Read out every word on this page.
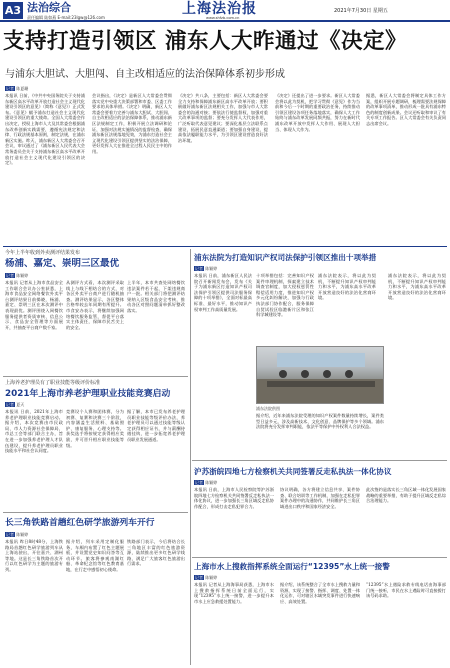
A3 法治综合
责任编辑 陆如燕 E-mail:23lgw@126.com
上海法治报
www.shfzb.com.cn
2021年7月30日 星期五
支持打造引领区 浦东人大昨通过《决定》
与浦东大胆试、大胆闯、自主改相适应的法治保障体系初步形成
记者 陈夏珊
本报讯 日前，《中共中央国务院关于支持浦东新区高水平改革开放打造社会主义现代化建设引领区的意见》（简称《意见》）正式发布。《意见》赋予浦东打造社会主义现代化建设引领区的重大使命。全国人大常委会作出决定，授权上海市人大及其常委会根据浦东改革创新实践需要，遵循宪法规定和法律、行政法规基本原则，制定法规，在浦东新区实施。昨天，浦东新区人大常委会召开会议，审议通过了《浦东新区人民代表大会常务委员会关于支持浦东新区高水平改革开放打造社会主义现代化建设引领区的决定》。
会议指出，《决定》是新区人大常委会贯彻落实党中央重大决策部署和市委、区委工作要求的具体举措。《决定》明确，新区人大常委会要着力完善与浦东大胆试、大胆闯、自主改相适应的法治保障体系，推动浦东新区法规制定工作，积极开展立法调研和论证，加强对法规实施情况的监督检查，确保浦东新区法规落地见效，为浦东打造社会主义现代化建设引领区提供坚实的法治保障，更好发挥人大在推进全过程人民民主中的作用。
《决定》共八条，主要包括：新区人大常委会要全力支持和保障浦东新区高水平改革开放；要积极做好浦东新区法规相关工作，加强与市人大常委会的沟通对接；要依法行使监督权，加强对重大改革事项的监督；要充分发挥人大代表作用，广泛听取代表意见建议；要深化基层立法联系点建设，拓展民意直通渠道；要加强自身建设，提高依法履职能力水平，为引领区建设营造良好法治环境。
《决定》还提出了进一步要求。新区人大常委会将以此为契机，把学习贯彻《意见》作为当前和今后一个时期的重要政治任务，持续推动引领区建设各项任务落地落实，确保人大工作始终与浦东改革发展同频共振，努力在新时代浦东改革开放中发挥人大作用、展现人大担当、体现人大作为。
据悉，新区人大常委会将制定具体工作方案，组织开展专题调研，梳理需要法规保障的改革事项清单，推动形成一批具有浦东特色的制度创新成果。会议还听取和审议了有关专项工作报告。区人大常委会有关负责同志出席会议。
今年上半年收到外卖测评结果发布
杨浦、嘉定、崇明三区最优
记者 陈颖婷
本报讯 记者从上海市食品安全工作联合会议办公室获悉，上海市食品安全网络餐饮外卖平台测评结果日前揭晓，杨浦、嘉定、崇明三区在本次测评中表现最优。测评围绕入网餐饮服务提供者资质审核、信息公示、食品安全管理等方面展开，共抽查平台商户数千家。
从测评方式看，本次测评采取线上与线下相结合的方式，对各区外卖平台商户进行随机抽查。测评结果显示，各区整体合格率较去年同期有所提升。市食安办表示，将继续加强网络餐饮服务监管，督促平台落实主体责任，保障市民舌尖上的安全。
上半年，本市共查处网络餐饮违法案件若干起，下架违规商户一批。相关部门将把测评结果纳入区级食品安全考核，推动各区对照问题清单抓好整改落实。
上海养老护理员有了职业技能等级评价标准
2021年上海市养老护理职业技能竞赛启动
记者 夏天
本报讯 日前，2021年上海市养老护理职业技能竞赛启动。据介绍，本次竞赛由市民政局、市人力资源社会保障局、市总工会等部门联合主办，旨在进一步加强养老护理人才队伍建设，提升养老护理员职业技能水平和社会认同度。
竞赛设个人赛和团体赛，分为初赛、复赛和决赛三个阶段，内容涵盖生活照料、基础照护、康复服务、心理支持等。获奖选手将按规定获得相应奖励，并可晋升相应职业技能等级。
据了解，本市已发布养老护理员职业技能等级评价办法，养老护理员可以通过技能等级认定获得相应证书，并与薪酬待遇挂钩，进一步拓宽养老护理员职业发展通道。
长三角铁路首趟红色研学旅游列车开行
记者 陈颖婷
本报讯 昨日8时48分，上海铁路局首趟红色研学旅游列车从上海站驶出，开往嘉兴、湖州等地。这是长三角铁路首次开行以红色研学为主题的旅游专列。
据介绍，列车采用定制化服务，车厢内布置了红色主题展板，并设置党史知识问答等互动环节。旅客将参观南湖红船、革命纪念馆等红色教育基地，在行走中感悟初心使命。
铁路部门表示，今后将结合长三角地区丰富的红色旅游资源，陆续推出更多红色研学线路，满足广大旅客红色旅游出行需求。
浦东法院为打造知识产权司法保护引领区推出十项举措
记者 陈颖婷
本报讯 日前，浦东新区人民法院召开新闻发布会，发布《关于为浦东新区打造知识产权司法保护引领区提供司法服务保障的十项举措》，全面对标最高标准、最好水平，推动知识产权审判工作高质量发展。
十项举措包括：完善知识产权案件审理机制，探索建立技术调查官制度，加大侵权惩罚性赔偿适用力度，推进知识产权多元化纠纷解决，加强与行政执法部门协作配合，服务保障自贸试验区临港新片区和张江科学城建设等。
浦东法院表示，将以此为契机，不断提升知识产权审判能力和水平，为浦东高水平改革开放营造良好的法治化营商环境。
浦东法院供图
据介绍，近年来浦东法院受理的知识产权案件数量持续增长，案件类型日益多元，涉及高新技术、文化创意、品牌保护等多个领域。浦东法院将充分发挥审判职能，依法平等保护中外权利人合法权益。
浦东法院表示，将以此为契机，不断提升知识产权审判能力和水平，为浦东高水平改革开放营造良好的法治化营商环境。
沪苏浙皖四地七方检察机关共同签署反走私执法一体化协议
记者 陈颖婷
本报讯 日前，上海市人民检察院等沪苏浙皖四地七方检察机关共同签署反走私执法一体化协议，进一步加强长三角区域反走私协作配合，形成打击走私犯罪合力。
协议明确，各方将建立信息共享、案件协查、联合培训等工作机制，加强在走私犯罪案件办理中的沟通协作，共同维护长三角区域进出口秩序和国家经济安全。
此次签约是落实长三角区域一体化发展国家战略的重要举措，有助于提升区域反走私综合治理能力。
上海市水上搜救指挥系统全面运行“12395”水上统一接警
记者 陈颖婷
本报讯 记者从上海海事局获悉，上海市水上搜救指挥系统日前全面运行，实现“12395”水上统一接警，进一步提升本市水上应急救援处置能力。
据介绍，该系统整合了全市水上搜救力量和资源，实现了接警、指挥、调度、处置一体化运作，可对辖区水域突发事件进行快速响应、高效处置。
“12395”水上遇险求救专线电话由海事部门统一接听，市民在水上遇险时可直接拨打该号码求助。
